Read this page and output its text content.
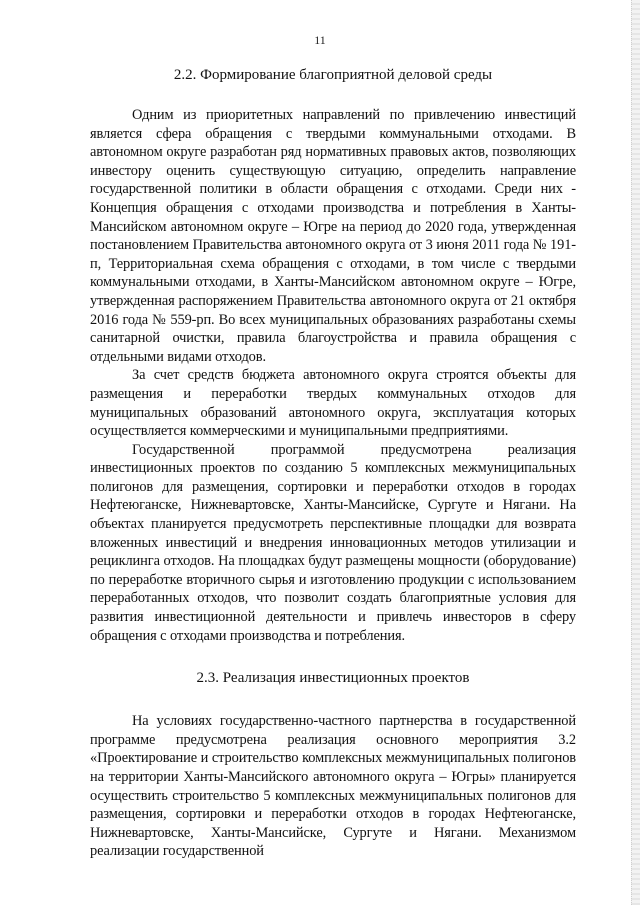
11
2.2. Формирование благоприятной деловой среды

Одним из приоритетных направлений по привлечению инвестиций является сфера обращения с твердыми коммунальными отходами. В автономном округе разработан ряд нормативных правовых актов, позволяющих инвестору оценить существующую ситуацию, определить направление государственной политики в области обращения с отходами. Среди них - Концепция обращения с отходами производства и потребления в Ханты-Мансийском автономном округе – Югре на период до 2020 года, утвержденная постановлением Правительства автономного округа от 3 июня 2011 года № 191-п, Территориальная схема обращения с отходами, в том числе с твердыми коммунальными отходами, в Ханты-Мансийском автономном округе – Югре, утвержденная распоряжением Правительства автономного округа от 21 октября 2016 года № 559-рп. Во всех муниципальных образованиях разработаны схемы санитарной очистки, правила благоустройства и правила обращения с отдельными видами отходов.

За счет средств бюджета автономного округа строятся объекты для размещения и переработки твердых коммунальных отходов для муниципальных образований автономного округа, эксплуатация которых осуществляется коммерческими и муниципальными предприятиями.

Государственной программой предусмотрена реализация инвестиционных проектов по созданию 5 комплексных межмуниципальных полигонов для размещения, сортировки и переработки отходов в городах Нефтеюганске, Нижневартовске, Ханты-Мансийске, Сургуте и Нягани. На объектах планируется предусмотреть перспективные площадки для возврата вложенных инвестиций и внедрения инновационных методов утилизации и рециклинга отходов. На площадках будут размещены мощности (оборудование) по переработке вторичного сырья и изготовлению продукции с использованием переработанных отходов, что позволит создать благоприятные условия для развития инвестиционной деятельности и привлечь инвесторов в сферу обращения с отходами производства и потребления.

2.3. Реализация инвестиционных проектов

На условиях государственно-частного партнерства в государственной программе предусмотрена реализация основного мероприятия 3.2 «Проектирование и строительство комплексных межмуниципальных полигонов на территории Ханты-Мансийского автономного округа – Югры» планируется осуществить строительство 5 комплексных межмуниципальных полигонов для размещения, сортировки и переработки отходов в городах Нефтеюганске, Нижневартовске, Ханты-Мансийске, Сургуте и Нягани. Механизмом реализации государственной
